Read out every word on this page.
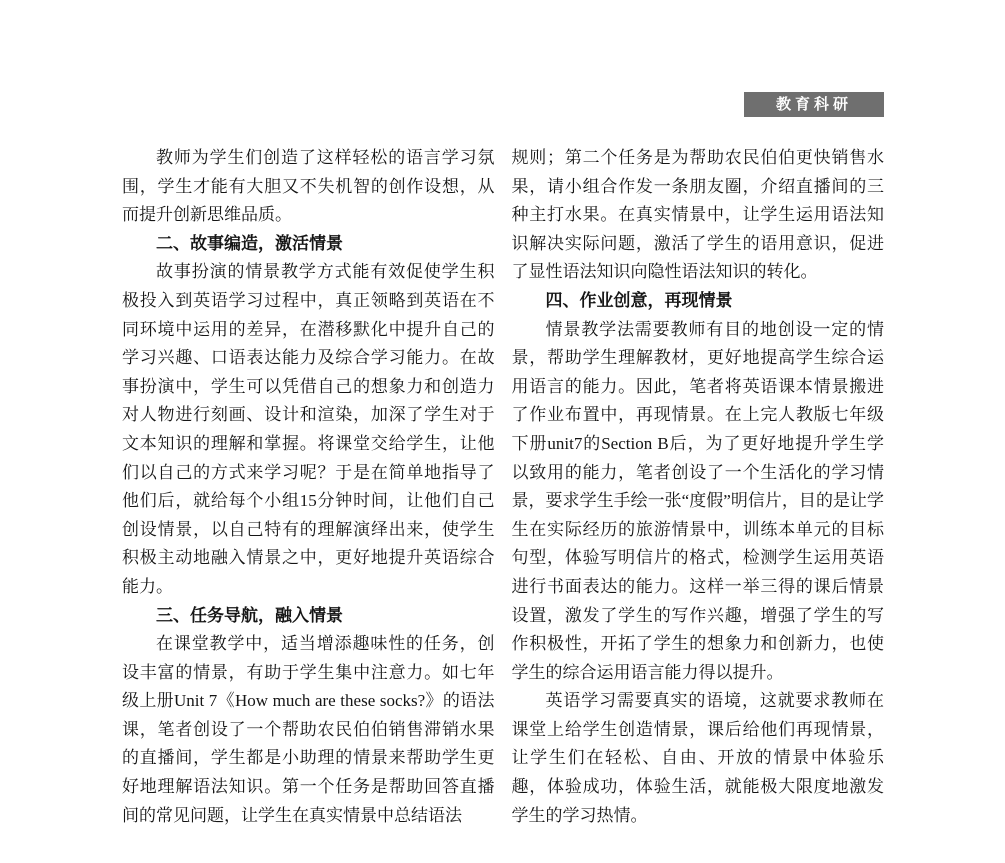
教育科研

教师为学生们创造了这样轻松的语言学习氛围，学生才能有大胆又不失机智的创作设想，从而提升创新思维品质。

二、故事编造，激活情景

故事扮演的情景教学方式能有效促使学生积极投入到英语学习过程中，真正领略到英语在不同环境中运用的差异，在潜移默化中提升自己的学习兴趣、口语表达能力及综合学习能力。在故事扮演中，学生可以凭借自己的想象力和创造力对人物进行刻画、设计和渲染，加深了学生对于文本知识的理解和掌握。将课堂交给学生，让他们以自己的方式来学习呢？于是在简单地指导了他们后，就给每个小组15分钟时间，让他们自己创设情景，以自己特有的理解演绎出来，使学生积极主动地融入情景之中，更好地提升英语综合能力。

三、任务导航，融入情景

在课堂教学中，适当增添趣味性的任务，创设丰富的情景，有助于学生集中注意力。如七年级上册Unit 7《How much are these socks?》的语法课，笔者创设了一个帮助农民伯伯销售滞销水果的直播间，学生都是小助理的情景来帮助学生更好地理解语法知识。第一个任务是帮助回答直播间的常见问题，让学生在真实情景中总结语法

规则；第二个任务是为帮助农民伯伯更快销售水果，请小组合作发一条朋友圈，介绍直播间的三种主打水果。在真实情景中，让学生运用语法知识解决实际问题，激活了学生的语用意识，促进了显性语法知识向隐性语法知识的转化。

四、作业创意，再现情景

情景教学法需要教师有目的地创设一定的情景，帮助学生理解教材，更好地提高学生综合运用语言的能力。因此，笔者将英语课本情景搬进了作业布置中，再现情景。在上完人教版七年级下册unit7的Section B后，为了更好地提升学生学以致用的能力，笔者创设了一个生活化的学习情景，要求学生手绘一张“度假”明信片，目的是让学生在实际经历的旅游情景中，训练本单元的目标句型，体验写明信片的格式，检测学生运用英语进行书面表达的能力。这样一举三得的课后情景设置，激发了学生的写作兴趣，增强了学生的写作积极性，开拓了学生的想象力和创新力，也使学生的综合运用语言能力得以提升。

英语学习需要真实的语境，这就要求教师在课堂上给学生创造情景，课后给他们再现情景，让学生们在轻松、自由、开放的情景中体验乐趣，体验成功，体验生活，就能极大限度地激发学生的学习热情。
